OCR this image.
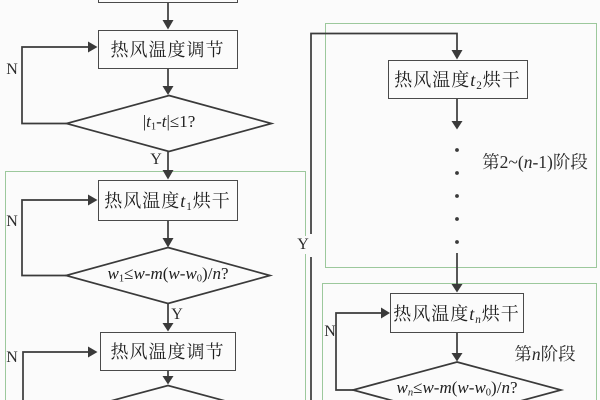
热风温度调节
热风温度t1烘干
热风温度调节
热风温度t2烘干
热风温度tn烘干
|t1-t|≤1?
w1≤w-m(w-w0)/n?
wn≤w-m(w-w0)/n?
第2~(n-1)阶段
第n阶段
N
Y
N
Y
N
Y
N
